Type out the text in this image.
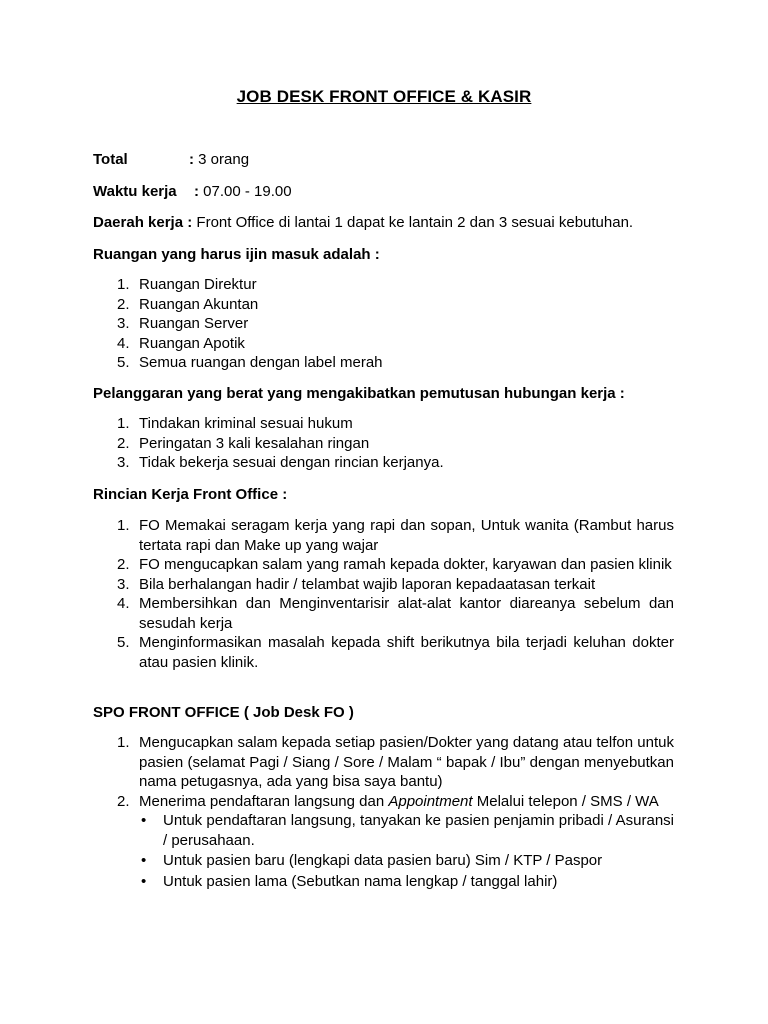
JOB DESK FRONT OFFICE & KASIR
Total	: 3 orang
Waktu kerja : 07.00 - 19.00
Daerah kerja : Front Office di lantai 1 dapat ke lantain 2 dan 3 sesuai kebutuhan.
Ruangan yang harus ijin masuk adalah :
1. Ruangan Direktur
2. Ruangan Akuntan
3. Ruangan Server
4. Ruangan Apotik
5. Semua ruangan dengan label merah
Pelanggaran yang berat yang mengakibatkan pemutusan hubungan kerja :
1. Tindakan kriminal sesuai hukum
2. Peringatan 3 kali kesalahan ringan
3. Tidak bekerja sesuai dengan rincian kerjanya.
Rincian Kerja Front Office :
1. FO Memakai seragam kerja yang rapi dan sopan, Untuk wanita (Rambut harus tertata rapi dan Make up yang wajar
2. FO mengucapkan salam yang ramah kepada dokter, karyawan dan pasien klinik
3. Bila berhalangan hadir / telambat wajib laporan kepadaatasan terkait
4. Membersihkan dan Menginventarisir alat-alat kantor diareanya sebelum dan sesudah kerja
5. Menginformasikan masalah kepada shift berikutnya bila terjadi keluhan dokter atau pasien klinik.
SPO FRONT OFFICE ( Job Desk FO )
1. Mengucapkan salam kepada setiap pasien/Dokter yang datang atau telfon untuk pasien (selamat Pagi / Siang / Sore / Malam “ bapak / Ibu” dengan menyebutkan nama petugasnya, ada yang bisa saya bantu)
2. Menerima pendaftaran langsung dan Appointment Melalui telepon / SMS / WA
• Untuk pendaftaran langsung, tanyakan ke pasien penjamin pribadi / Asuransi / perusahaan.
• Untuk pasien baru (lengkapi data pasien baru) Sim / KTP / Paspor
• Untuk pasien lama (Sebutkan nama lengkap / tanggal lahir)
